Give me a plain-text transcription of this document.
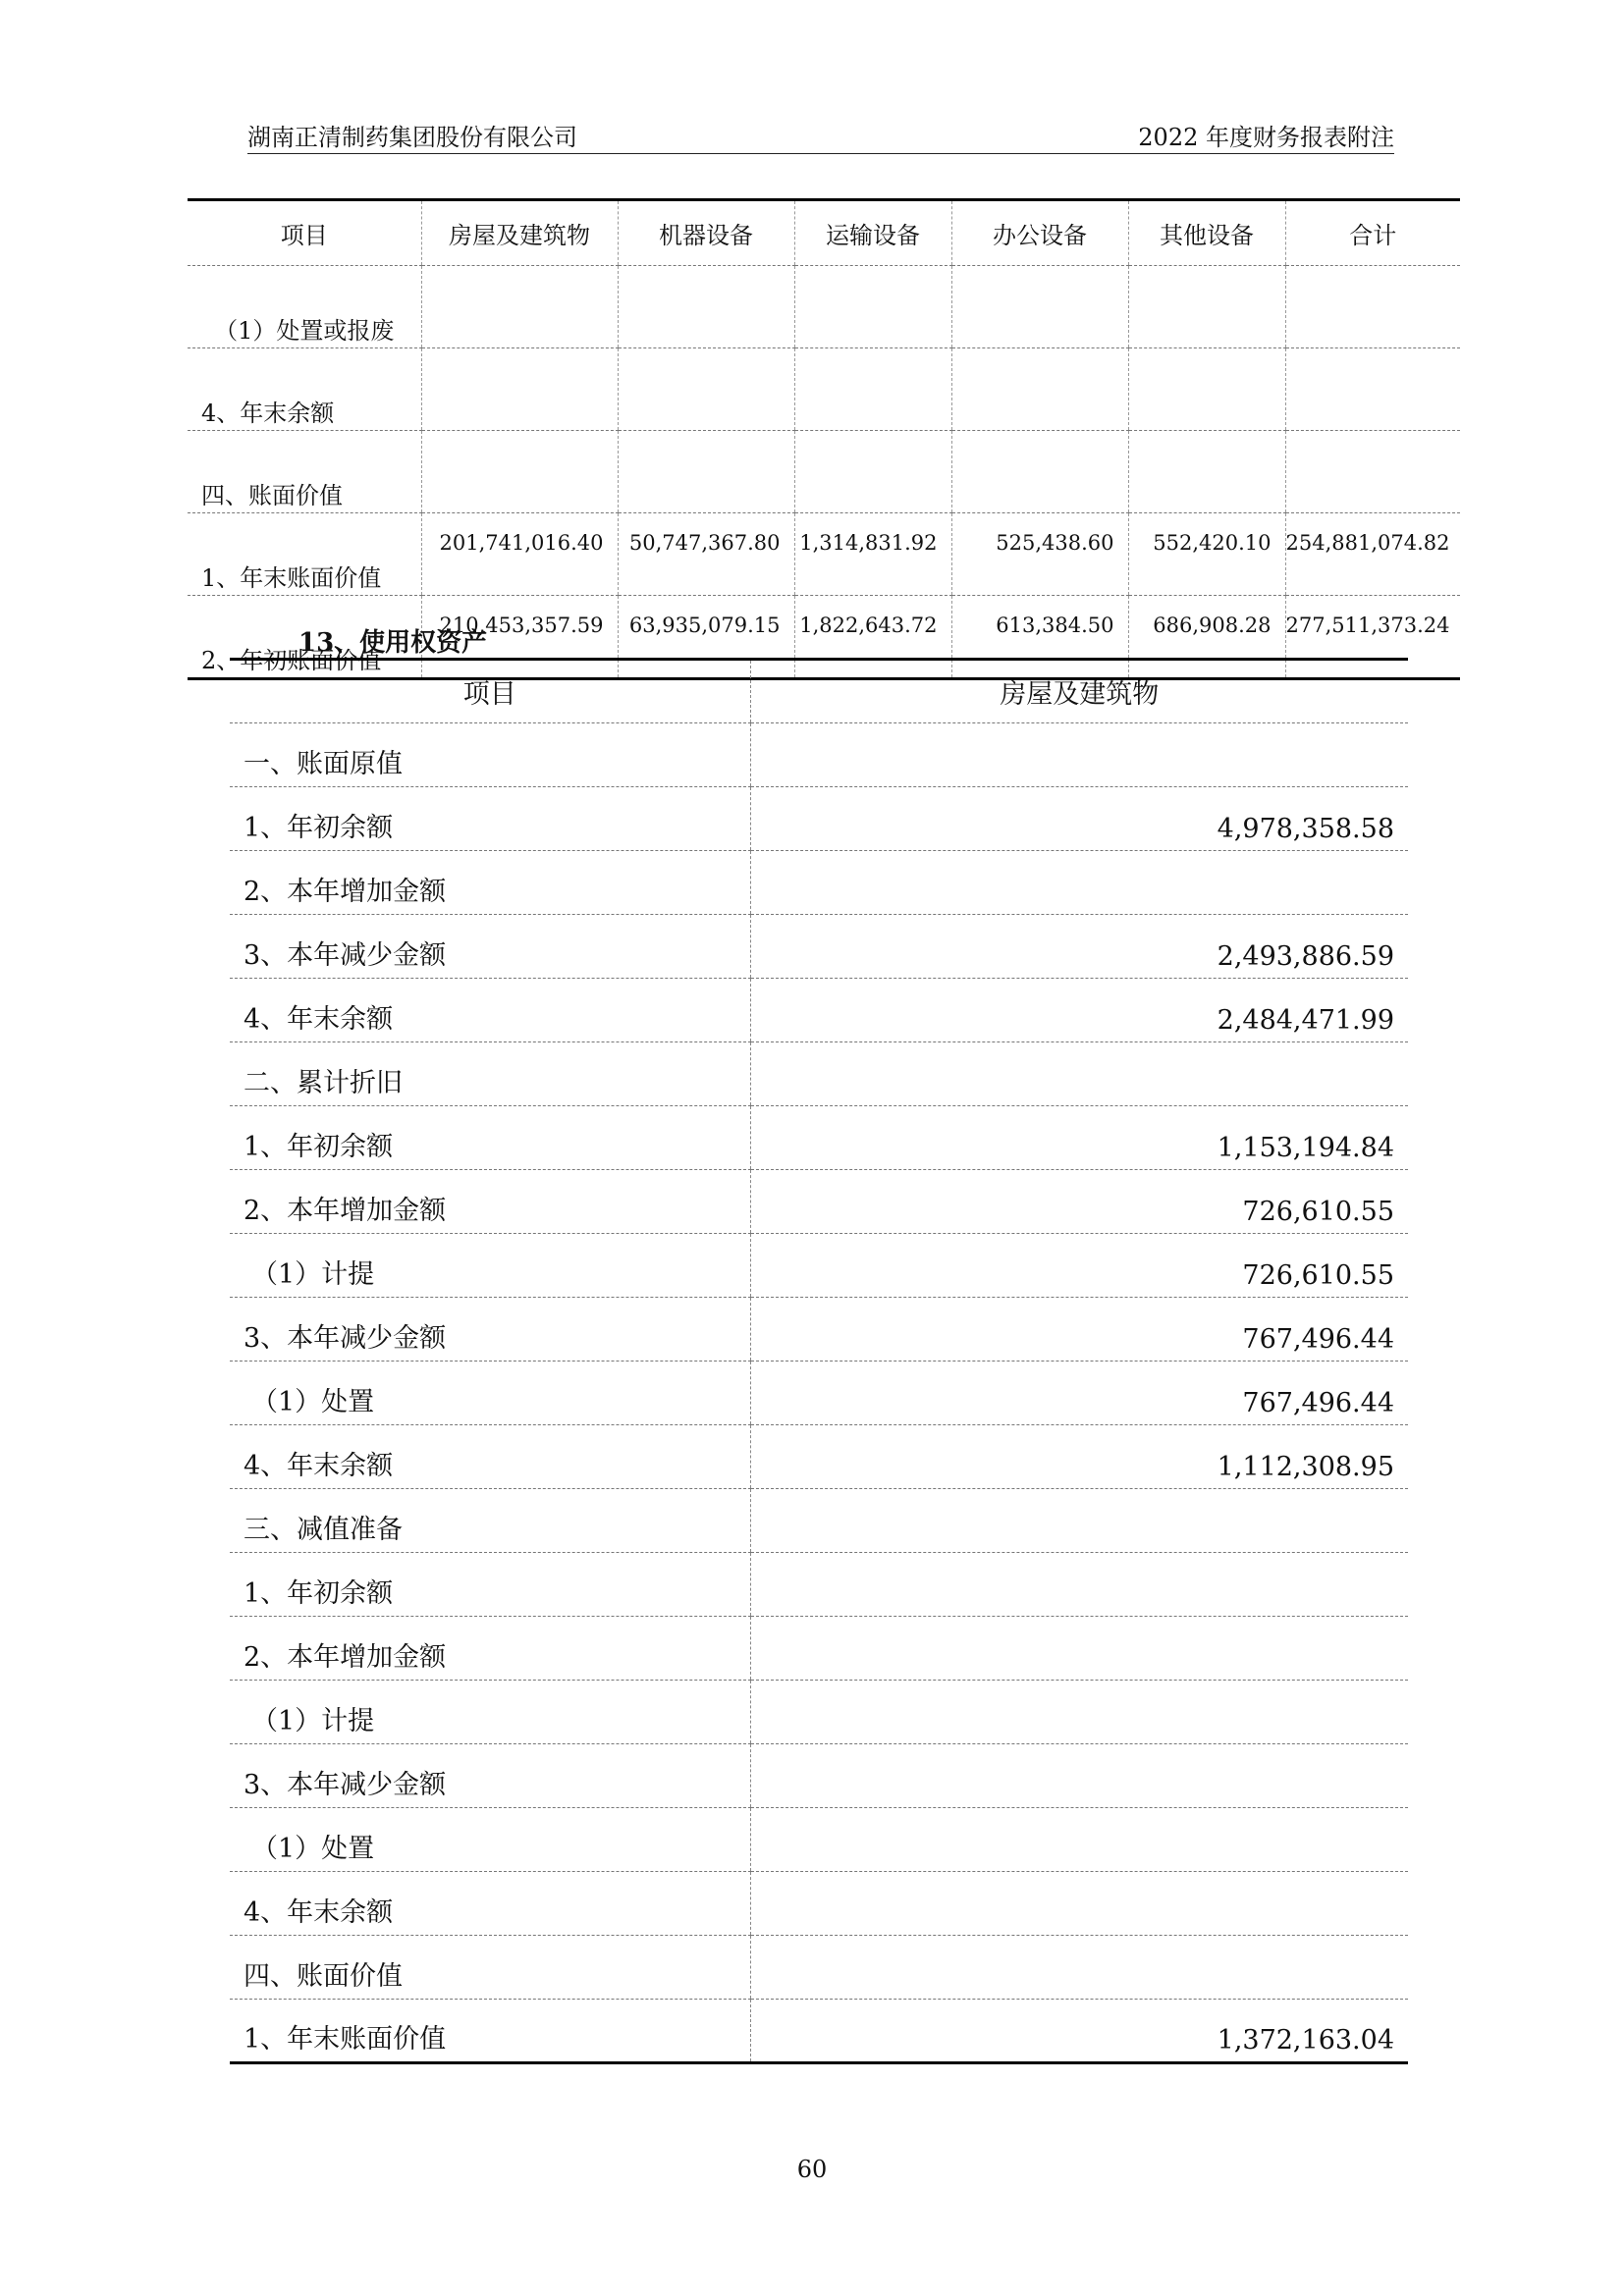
湖南正清制药集团股份有限公司	2022 年度财务报表附注
项目	房屋及建筑物	机器设备	运输设备	办公设备	其他设备	合计
（1）处置或报废						
4、年末余额						
四、账面价值						
1、年末账面价值	201,741,016.40	50,747,367.80	1,314,831.92	525,438.60	552,420.10	254,881,074.82
2、年初账面价值	210,453,357.59	63,935,079.15	1,822,643.72	613,384.50	686,908.28	277,511,373.24
13、使用权资产
项目	房屋及建筑物
一、账面原值	
1、年初余额	4,978,358.58
2、本年增加金额	
3、本年减少金额	2,493,886.59
4、年末余额	2,484,471.99
二、累计折旧	
1、年初余额	1,153,194.84
2、本年增加金额	726,610.55
（1）计提	726,610.55
3、本年减少金额	767,496.44
（1）处置	767,496.44
4、年末余额	1,112,308.95
三、减值准备	
1、年初余额	
2、本年增加金额	
（1）计提	
3、本年减少金额	
（1）处置	
4、年末余额	
四、账面价值	
1、年末账面价值	1,372,163.04
60
